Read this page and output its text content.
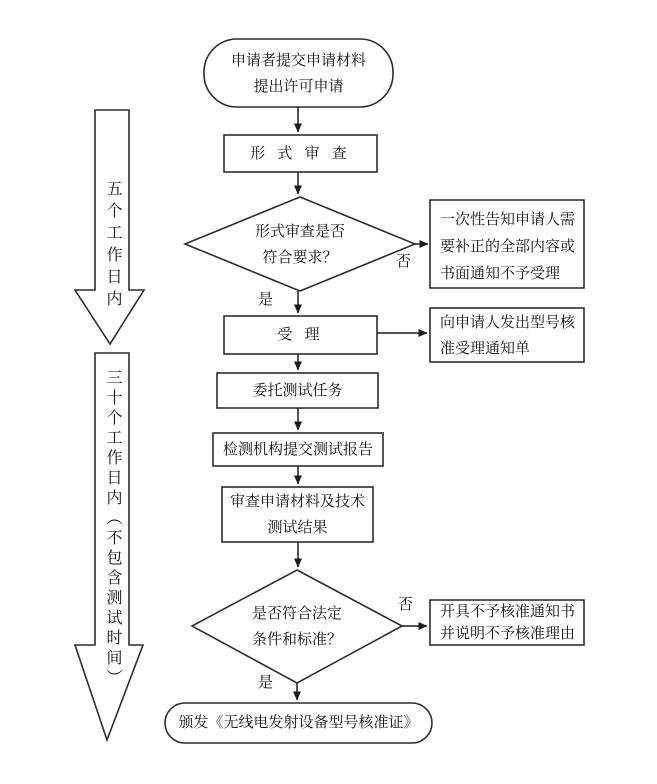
五个工作日内
三十个工作日内（不包含测试时间）
申请者提交申请材料
提出许可申请
形 式 审 查
形式审查是否
符合要求？
一次性告知申请人需
要补正的全部内容或
书面通知不予受理
受 理
向申请人发出型号核
准受理通知单
委托测试任务
检测机构提交测试报告
审查申请材料及技术
测试结果
是否符合法定
条件和标准？
开具不予核准通知书
并说明不予核准理由
颁发《无线电发射设备型号核准证》
是
否
否
是
